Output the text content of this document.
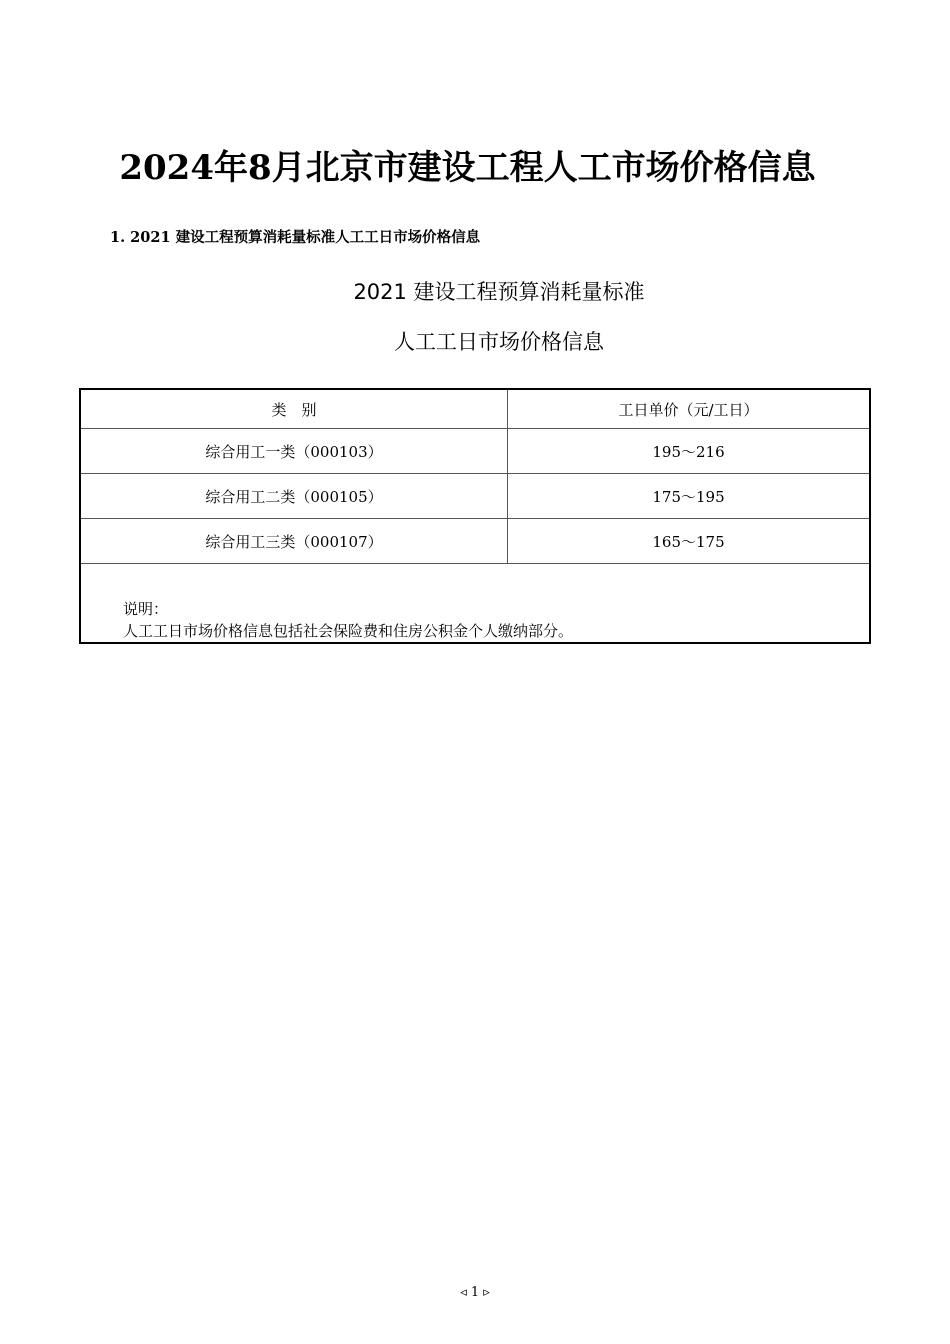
2024年8月北京市建设工程人工市场价格信息

1. 2021 建设工程预算消耗量标准人工工日市场价格信息

2021 建设工程预算消耗量标准

人工工日市场价格信息

类　别	工日单价（元/工日）
综合用工一类（000103）	195～216
综合用工二类（000105）	175～195
综合用工三类（000107）	165～175

说明：
人工工日市场价格信息包括社会保险费和住房公积金个人缴纳部分。	
◃ 1 ▹
